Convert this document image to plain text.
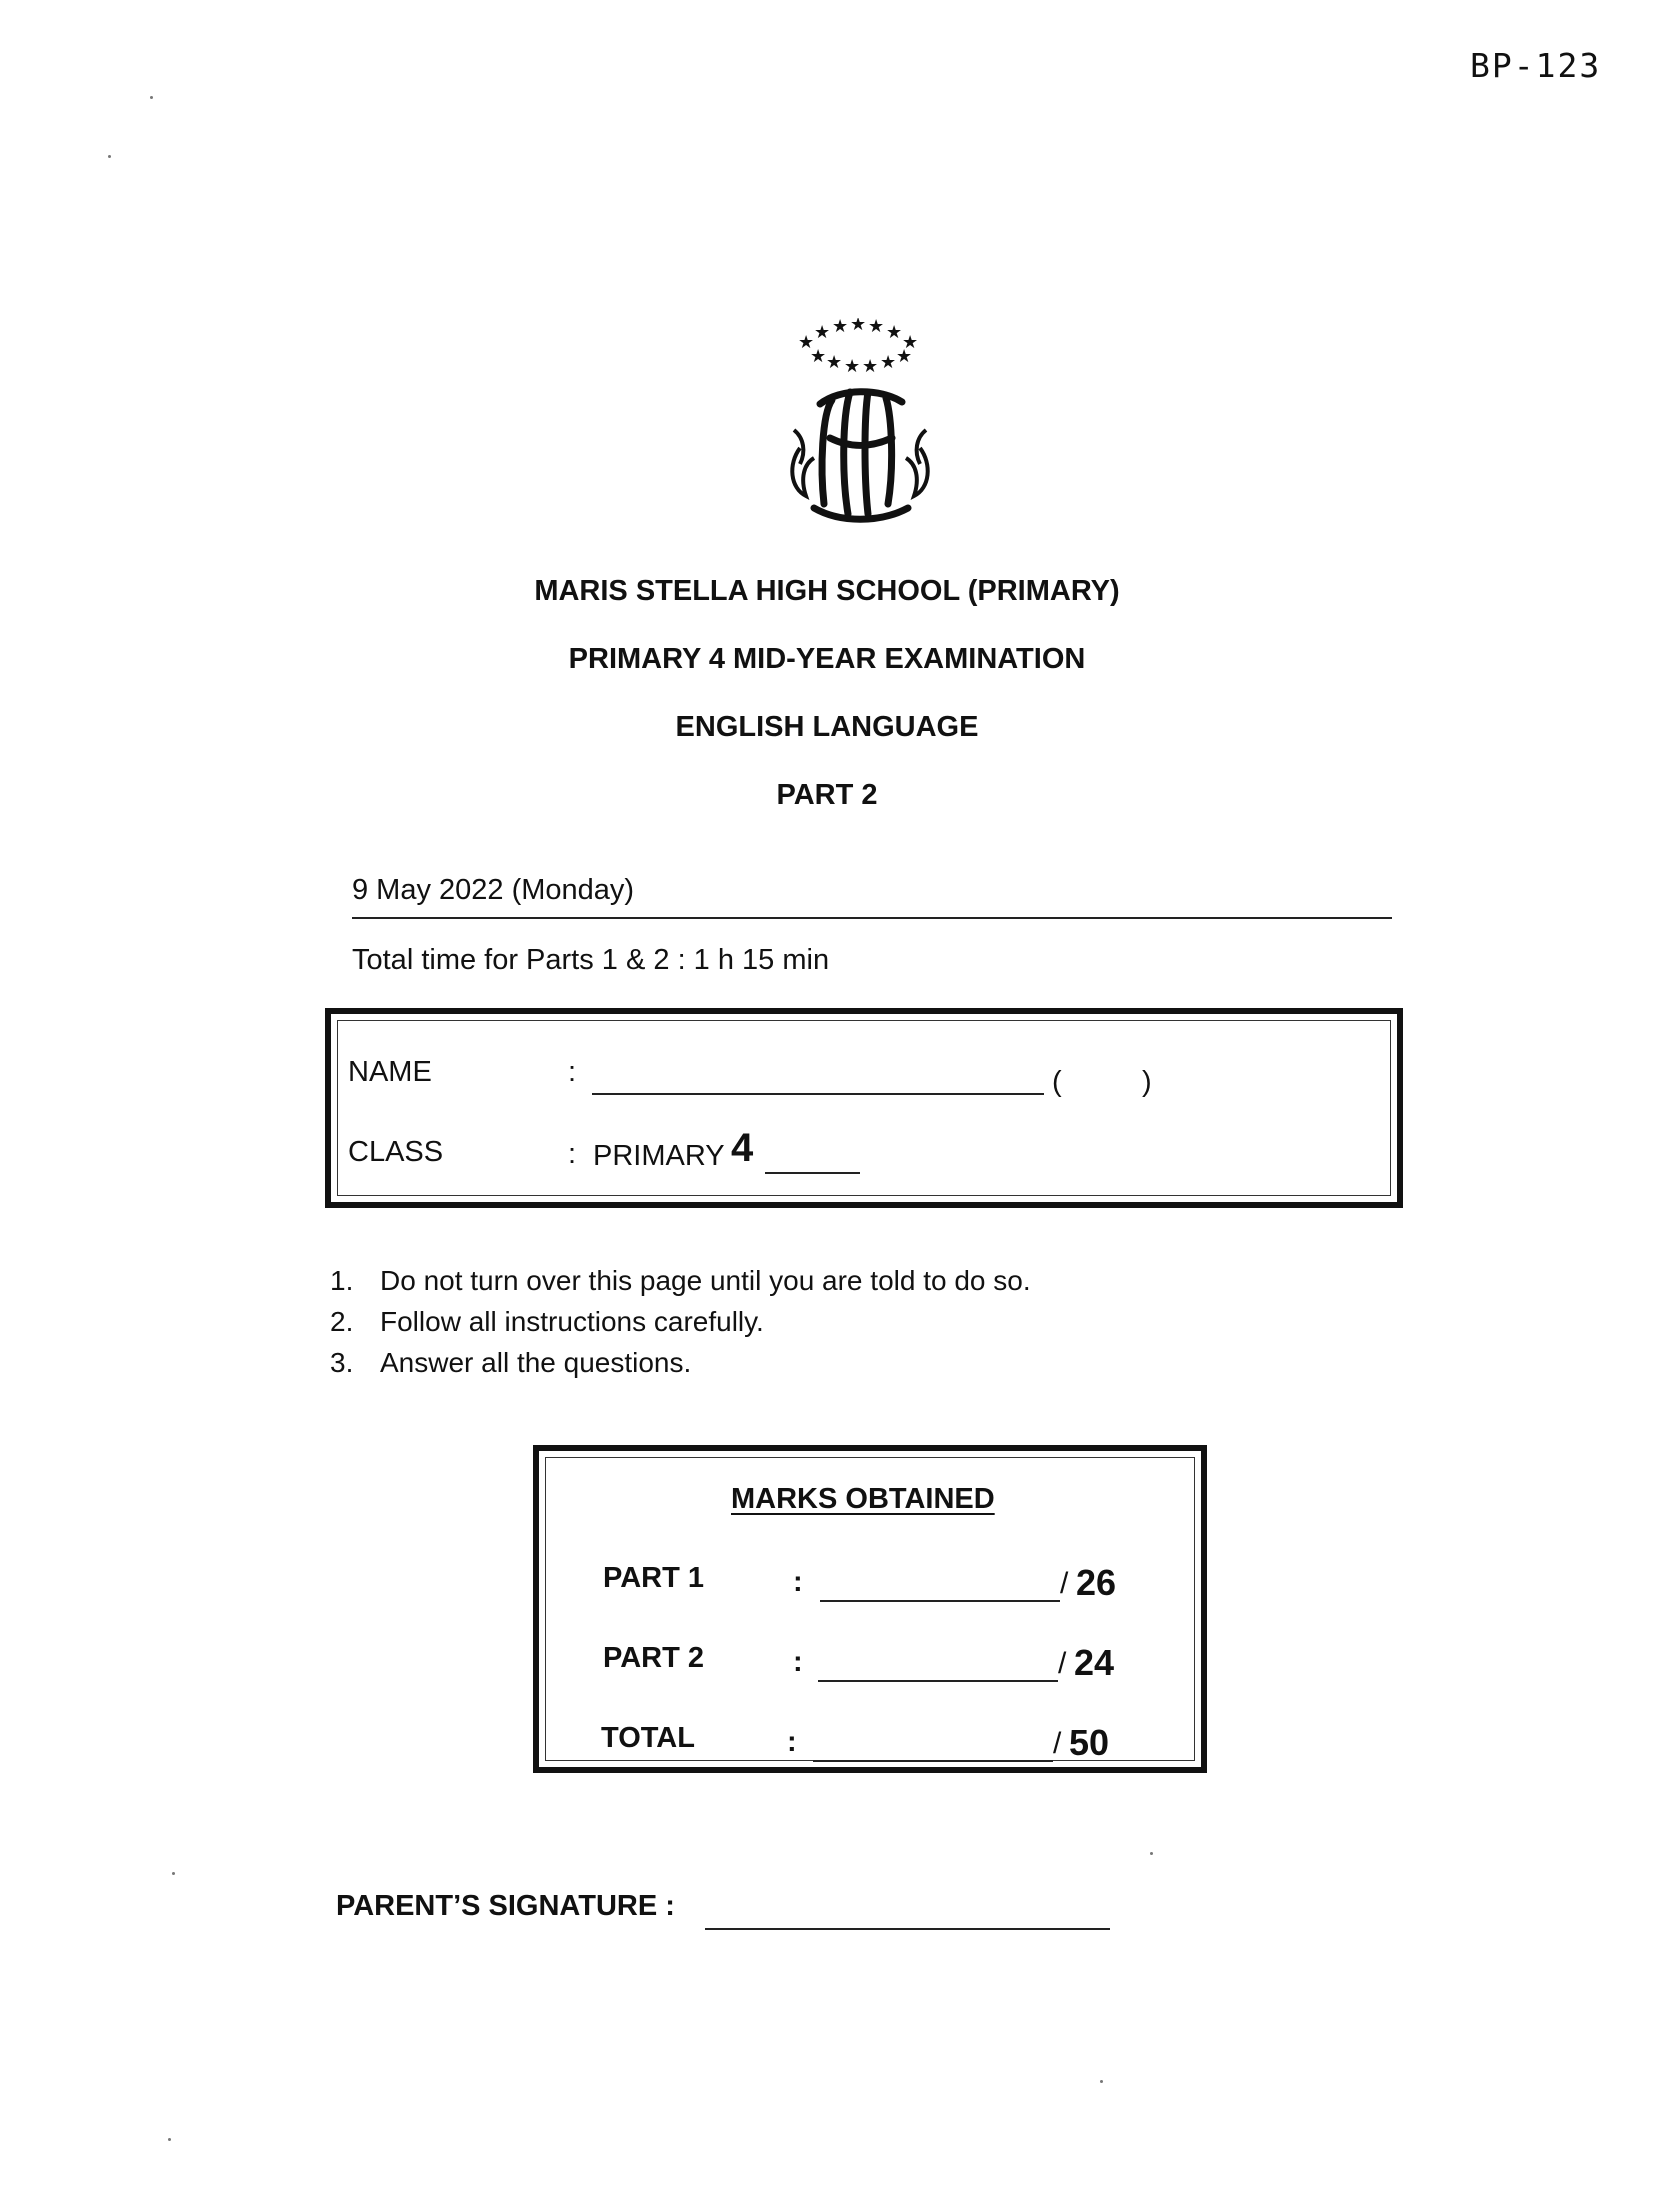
BP-123
★ ★ ★ ★ ★ ★ ★
★ ★ ★ ★ ★ ★
MARIS STELLA HIGH SCHOOL (PRIMARY)
PRIMARY 4 MID-YEAR EXAMINATION
ENGLISH LANGUAGE
PART 2
9 May 2022 (Monday)
Total time for Parts 1 & 2 : 1 h 15 min
NAME	:	(	)
CLASS	: PRIMARY 4
1. Do not turn over this page until you are told to do so.
2. Follow all instructions carefully.
3. Answer all the questions.
MARKS OBTAINED
PART 1	:	/ 26
PART 2	:	/ 24
TOTAL	:	/ 50
PARENT’S SIGNATURE :
